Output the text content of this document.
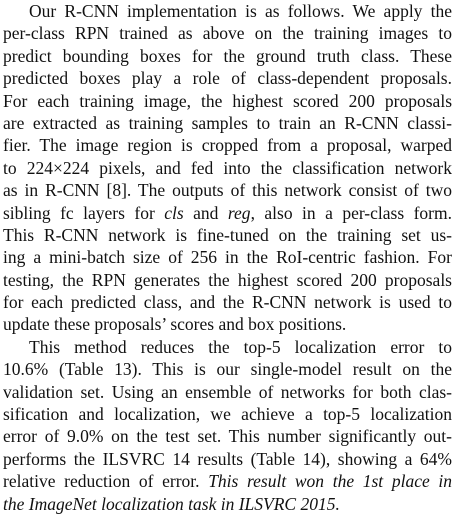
Our R-CNN implementation is as follows. We apply the
per-class RPN trained as above on the training images to
predict bounding boxes for the ground truth class. These
predicted boxes play a role of class-dependent proposals.
For each training image, the highest scored 200 proposals
are extracted as training samples to train an R-CNN classi-
fier. The image region is cropped from a proposal, warped
to 224×224 pixels, and fed into the classification network
as in R-CNN [8]. The outputs of this network consist of two
sibling fc layers for cls and reg, also in a per-class form.
This R-CNN network is fine-tuned on the training set us-
ing a mini-batch size of 256 in the RoI-centric fashion. For
testing, the RPN generates the highest scored 200 proposals
for each predicted class, and the R-CNN network is used to
update these proposals’ scores and box positions.
This method reduces the top-5 localization error to
10.6% (Table 13). This is our single-model result on the
validation set. Using an ensemble of networks for both clas-
sification and localization, we achieve a top-5 localization
error of 9.0% on the test set. This number significantly out-
performs the ILSVRC 14 results (Table 14), showing a 64%
relative reduction of error. This result won the 1st place in
the ImageNet localization task in ILSVRC 2015.
